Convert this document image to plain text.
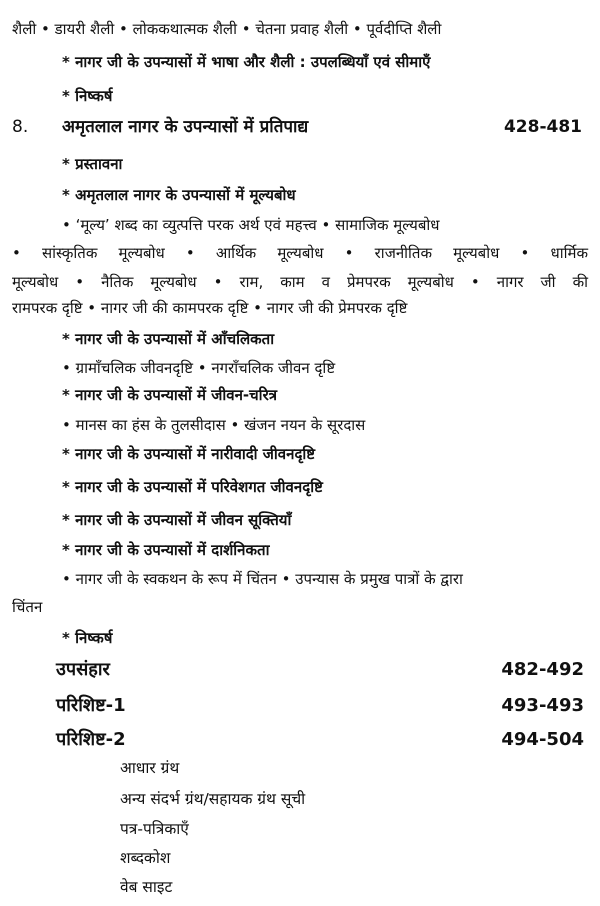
शैली • डायरी शैली • लोककथात्मक शैली • चेतना प्रवाह शैली • पूर्वदीप्ति शैली
* नागर जी के उपन्यासों में भाषा और शैली : उपलब्धियाँ एवं सीमाएँ
* निष्कर्ष
8. अमृतलाल नागर के उपन्यासों में प्रतिपाद्य	428-481
* प्रस्तावना
* अमृतलाल नागर के उपन्यासों में मूल्यबोध
• ‘मूल्य’ शब्द का व्युत्पत्ति परक अर्थ एवं महत्त्व • सामाजिक मूल्यबोध
• सांस्कृतिक मूल्यबोध • आर्थिक मूल्यबोध • राजनीतिक मूल्यबोध • धार्मिक
मूल्यबोध • नैतिक मूल्यबोध • राम, काम व प्रेमपरक मूल्यबोध • नागर जी की
रामपरक दृष्टि • नागर जी की कामपरक दृष्टि • नागर जी की प्रेमपरक दृष्टि
* नागर जी के उपन्यासों में आँचलिकता
• ग्रामाँचलिक जीवनदृष्टि • नगराँचलिक जीवन दृष्टि
* नागर जी के उपन्यासों में जीवन-चरित्र
• मानस का हंस के तुलसीदास • खंजन नयन के सूरदास
* नागर जी के उपन्यासों में नारीवादी जीवनदृष्टि
* नागर जी के उपन्यासों में परिवेशगत जीवनदृष्टि
* नागर जी के उपन्यासों में जीवन सूक्तियाँ
* नागर जी के उपन्यासों में दार्शनिकता
• नागर जी के स्वकथन के रूप में चिंतन • उपन्यास के प्रमुख पात्रों के द्वारा
चिंतन
* निष्कर्ष
उपसंहार	482-492
परिशिष्ट-1	493-493
परिशिष्ट-2	494-504
आधार ग्रंथ
अन्य संदर्भ ग्रंथ/सहायक ग्रंथ सूची
पत्र-पत्रिकाएँ
शब्दकोश
वेब साइट
